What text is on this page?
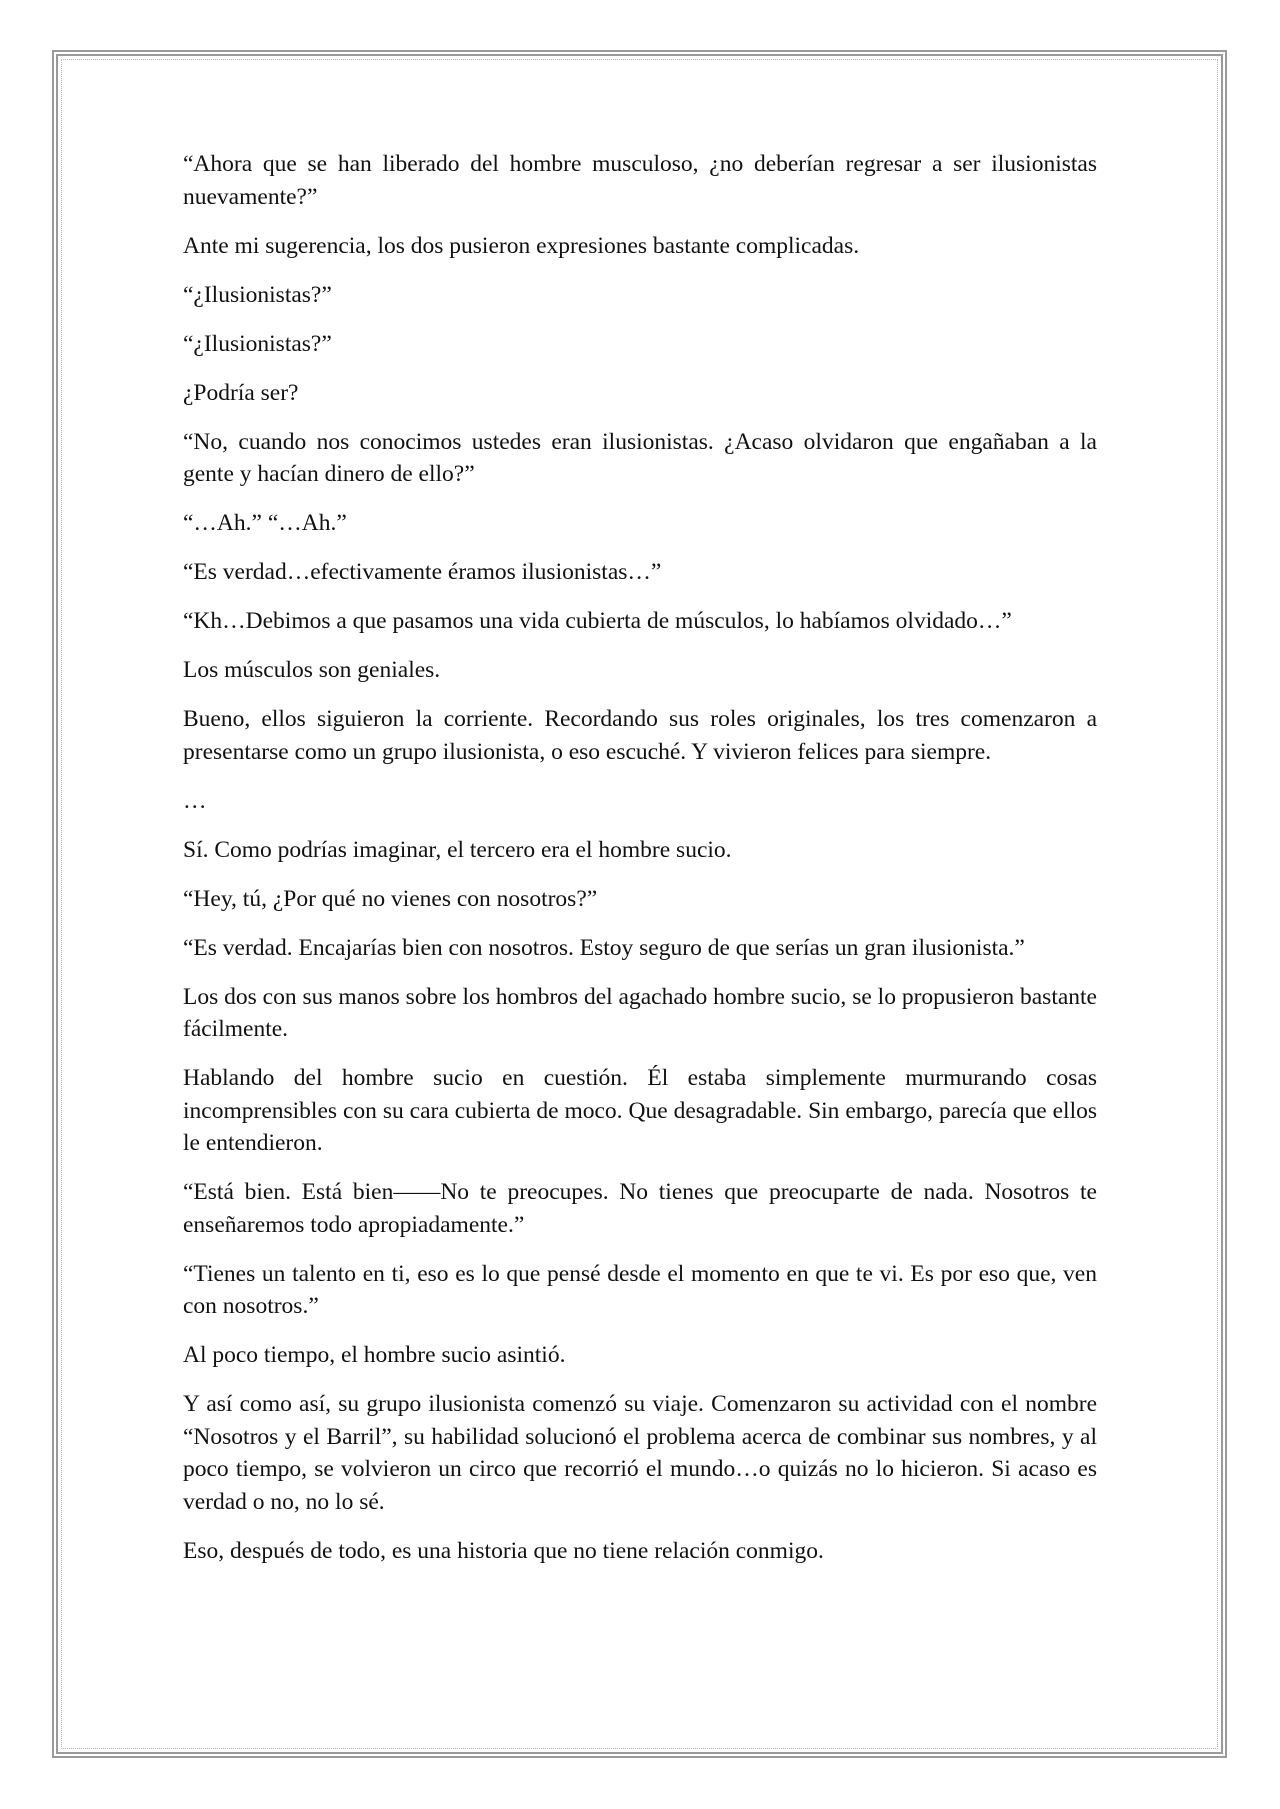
“Ahora que se han liberado del hombre musculoso, ¿no deberían regresar a ser ilusionistas nuevamente?”

Ante mi sugerencia, los dos pusieron expresiones bastante complicadas.

“¿Ilusionistas?”

“¿Ilusionistas?”

¿Podría ser?

“No, cuando nos conocimos ustedes eran ilusionistas. ¿Acaso olvidaron que engañaban a la gente y hacían dinero de ello?”

“…Ah.” “…Ah.”

“Es verdad…efectivamente éramos ilusionistas…”

“Kh…Debimos a que pasamos una vida cubierta de músculos, lo habíamos olvidado…”

Los músculos son geniales.

Bueno, ellos siguieron la corriente. Recordando sus roles originales, los tres comenzaron a presentarse como un grupo ilusionista, o eso escuché. Y vivieron felices para siempre.

…

Sí. Como podrías imaginar, el tercero era el hombre sucio.

“Hey, tú, ¿Por qué no vienes con nosotros?”

“Es verdad. Encajarías bien con nosotros. Estoy seguro de que serías un gran ilusionista.”

Los dos con sus manos sobre los hombros del agachado hombre sucio, se lo propusieron bastante fácilmente.

Hablando del hombre sucio en cuestión. Él estaba simplemente murmurando cosas incomprensibles con su cara cubierta de moco. Que desagradable. Sin embargo, parecía que ellos le entendieron.

“Está bien. Está bien——No te preocupes. No tienes que preocuparte de nada. Nosotros te enseñaremos todo apropiadamente.”

“Tienes un talento en ti, eso es lo que pensé desde el momento en que te vi. Es por eso que, ven con nosotros.”

Al poco tiempo, el hombre sucio asintió.

Y así como así, su grupo ilusionista comenzó su viaje. Comenzaron su actividad con el nombre “Nosotros y el Barril”, su habilidad solucionó el problema acerca de combinar sus nombres, y al poco tiempo, se volvieron un circo que recorrió el mundo…o quizás no lo hicieron. Si acaso es verdad o no, no lo sé.

Eso, después de todo, es una historia que no tiene relación conmigo.
